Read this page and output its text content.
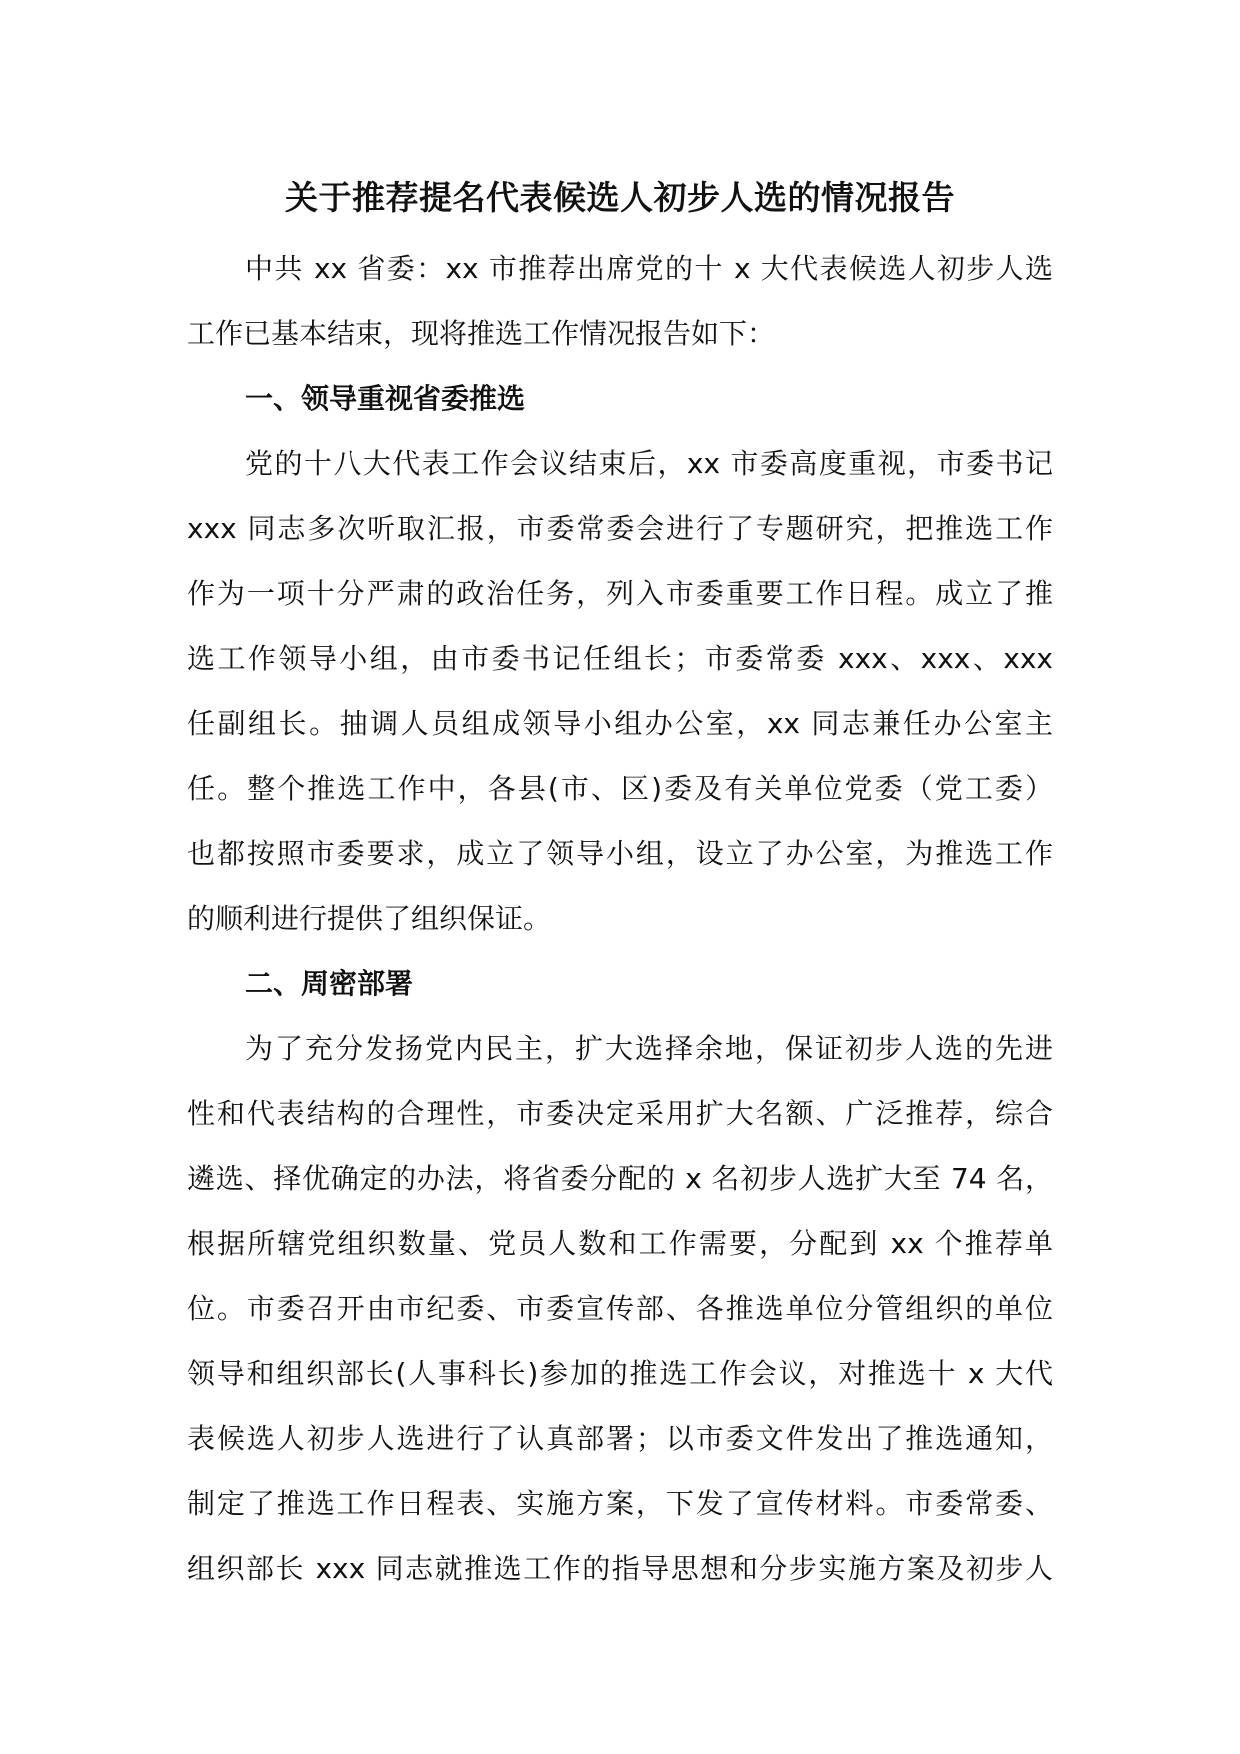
关于推荐提名代表候选人初步人选的情况报告
中共 xx 省委：xx 市推荐出席党的十 x 大代表候选人初步人选
工作已基本结束，现将推选工作情况报告如下：
一、领导重视省委推选
党的十八大代表工作会议结束后，xx 市委高度重视，市委书记
xxx 同志多次听取汇报，市委常委会进行了专题研究，把推选工作
作为一项十分严肃的政治任务，列入市委重要工作日程。成立了推
选工作领导小组，由市委书记任组长；市委常委 xxx、xxx、xxx
任副组长。抽调人员组成领导小组办公室，xx 同志兼任办公室主
任。整个推选工作中，各县(市、区)委及有关单位党委（党工委）
也都按照市委要求，成立了领导小组，设立了办公室，为推选工作
的顺利进行提供了组织保证。
二、周密部署
为了充分发扬党内民主，扩大选择余地，保证初步人选的先进
性和代表结构的合理性，市委决定采用扩大名额、广泛推荐，综合
遴选、择优确定的办法，将省委分配的 x 名初步人选扩大至 74 名，
根据所辖党组织数量、党员人数和工作需要，分配到 xx 个推荐单
位。市委召开由市纪委、市委宣传部、各推选单位分管组织的单位
领导和组织部长(人事科长)参加的推选工作会议，对推选十 x 大代
表候选人初步人选进行了认真部署；以市委文件发出了推选通知，
制定了推选工作日程表、实施方案，下发了宣传材料。市委常委、
组织部长 xxx 同志就推选工作的指导思想和分步实施方案及初步人
